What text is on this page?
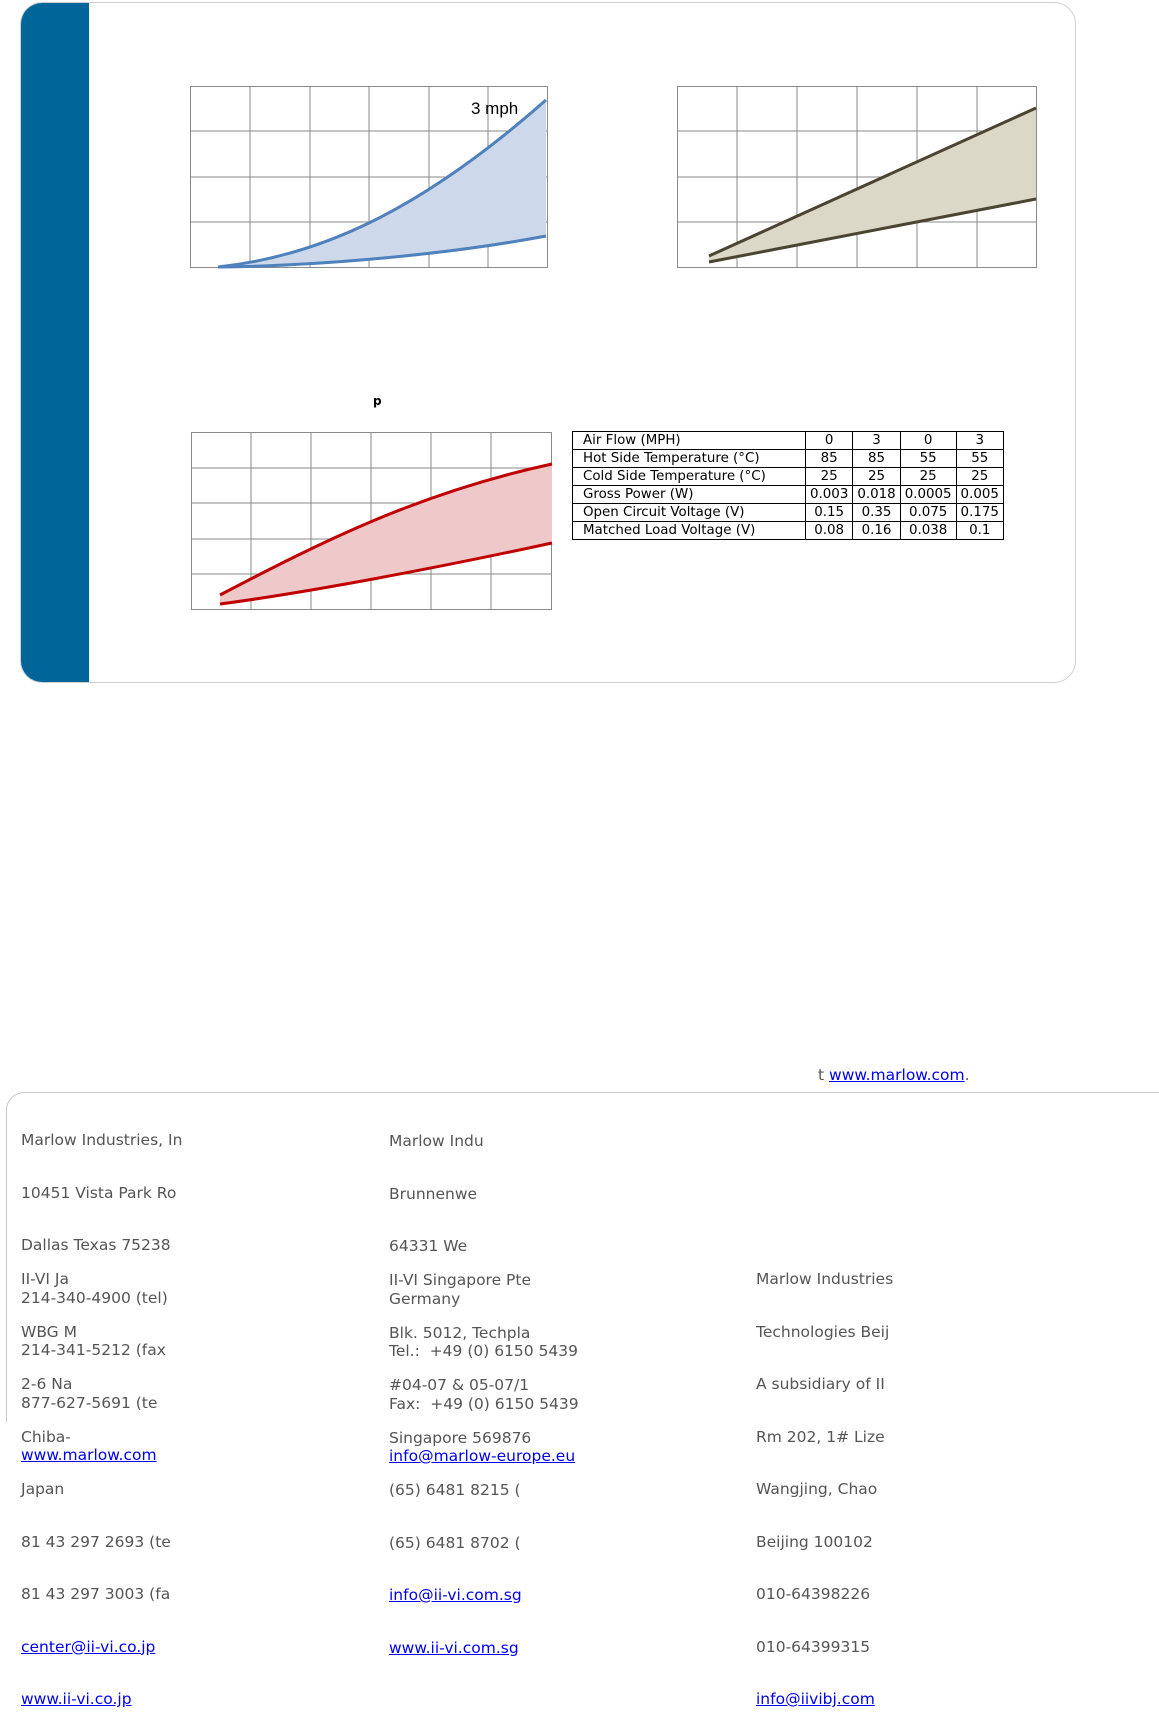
3 mph
p
Air Flow (MPH)	0	3	0	3
Hot Side Temperature (°C)	85	85	55	55
Cold Side Temperature (°C)	25	25	25	25
Gross Power (W)	0.003	0.018	0.0005	0.005
Open Circuit Voltage (V)	0.15	0.35	0.075	0.175
Matched Load Voltage (V)	0.08	0.16	0.038	0.1
t www.marlow.com.

Marlow Industries, In

10451 Vista Park Ro

Dallas Texas 75238

214-340-4900 (tel)

214-341-5212 (fax

877-627-5691 (te

www.marlow.com

Marlow Indu

Brunnenwe

64331 We

Germany

Tel.:  +49 (0) 6150 5439

Fax:  +49 (0) 6150 5439

info@marlow-europe.eu

II-VI Ja

WBG M

2-6 Na

Chiba-

Japan

81 43 297 2693 (te

81 43 297 3003 (fa

center@ii-vi.co.jp

www.ii-vi.co.jp

II-VI Singapore Pte

Blk. 5012, Techpla

#04-07 & 05-07/1

Singapore 569876

(65) 6481 8215 (

(65) 6481 8702 (

info@ii-vi.com.sg

www.ii-vi.com.sg

Marlow Industries

Technologies Beij

A subsidiary of II

Rm 202, 1# Lize

Wangjing, Chao

Beijing 100102

010-64398226

010-64399315

info@iivibj.com
